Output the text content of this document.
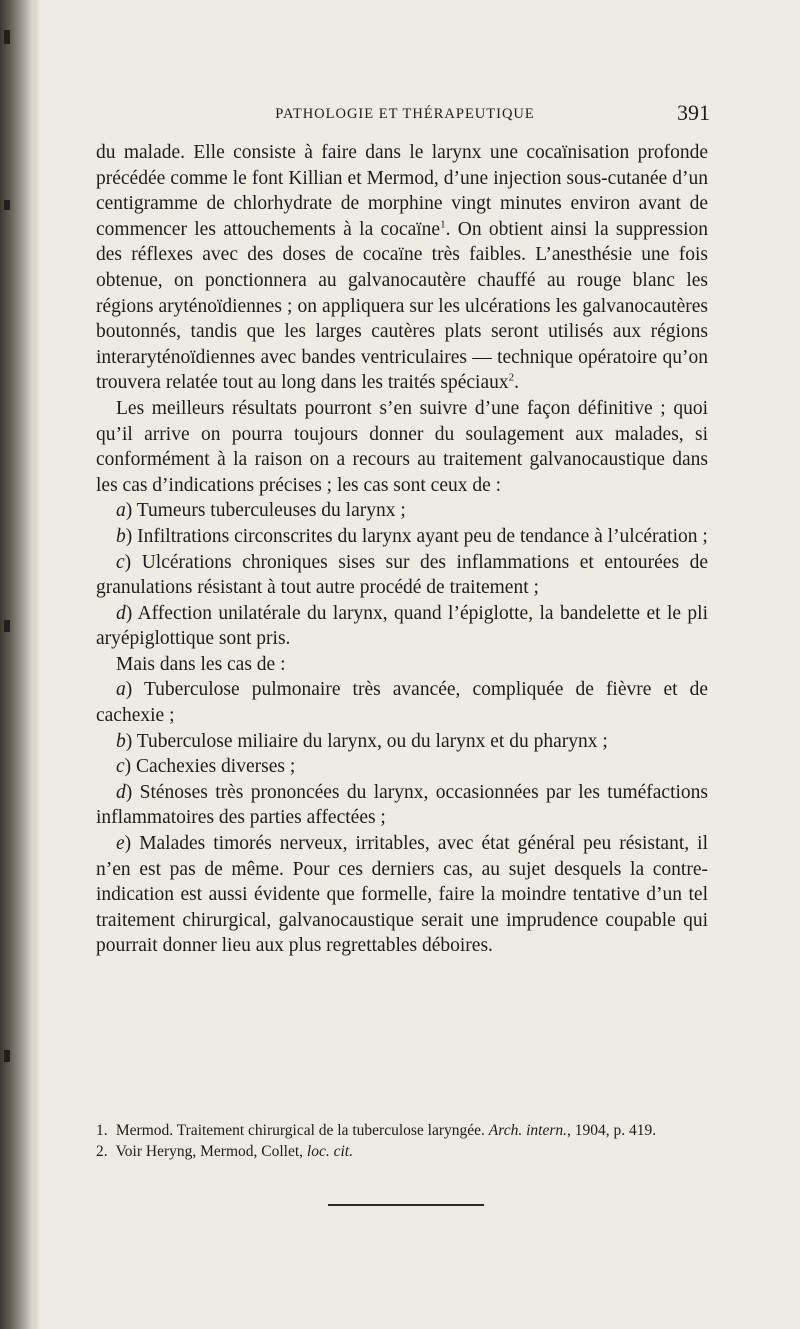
PATHOLOGIE ET THÉRAPEUTIQUE	391

du malade. Elle consiste à faire dans le larynx une cocaïnisation profonde précédée comme le font Killian et Mermod, d’une injection sous-cutanée d’un centigramme de chlorhydrate de morphine vingt minutes environ avant de commencer les attouchements à la cocaïne$^1$. On obtient ainsi la suppression des réflexes avec des doses de cocaïne très faibles. L’anesthésie une fois obtenue, on ponctionnera au galvanocautère chauffé au rouge blanc les régions aryténoïdiennes ; on appliquera sur les ulcérations les galvanocautères boutonnés, tandis que les larges cautères plats seront utilisés aux régions interaryténoïdiennes avec bandes ventriculaires — technique opératoire qu’on trouvera relatée tout au long dans les traités spéciaux$^2$.

Les meilleurs résultats pourront s’en suivre d’une façon définitive ; quoi qu’il arrive on pourra toujours donner du soulagement aux malades, si conformément à la raison on a recours au traitement galvanocaustique dans les cas d’indications précises ; les cas sont ceux de :

a) Tumeurs tuberculeuses du larynx ;

b) Infiltrations circonscrites du larynx ayant peu de tendance à l’ulcération ;

c) Ulcérations chroniques sises sur des inflammations et entourées de granulations résistant à tout autre procédé de traitement ;

d) Affection unilatérale du larynx, quand l’épiglotte, la bandelette et le pli aryépiglottique sont pris.

Mais dans les cas de :

a) Tuberculose pulmonaire très avancée, compliquée de fièvre et de cachexie ;

b) Tuberculose miliaire du larynx, ou du larynx et du pharynx ;

c) Cachexies diverses ;

d) Sténoses très prononcées du larynx, occasionnées par les tuméfactions inflammatoires des parties affectées ;

e) Malades timorés nerveux, irritables, avec état général peu résistant, il n’en est pas de même. Pour ces derniers cas, au sujet desquels la contre-indication est aussi évidente que formelle, faire la moindre tentative d’un tel traitement chirurgical, galvanocaustique serait une imprudence coupable qui pourrait donner lieu aux plus regrettables déboires.

1. Mermod. Traitement chirurgical de la tuberculose laryngée. Arch. intern., 1904, p. 419.

2. Voir Heryng, Mermod, Collet, loc. cit.
